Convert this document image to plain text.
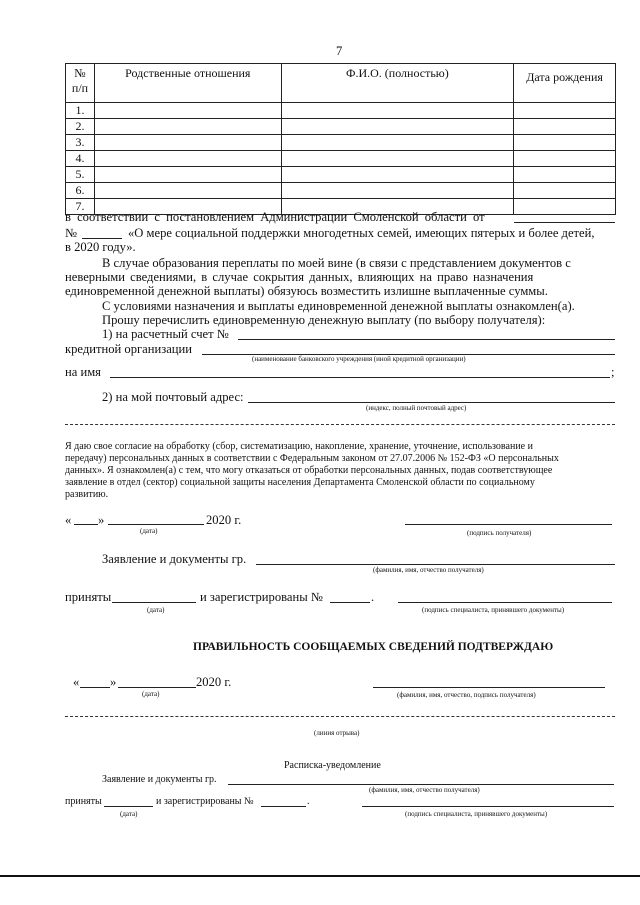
7
№ п/п	Родственные отношения	Ф.И.О. (полностью)	Дата рождения
1.			
2.			
3.			
4.			
5.			
6.			
7.			
в соответствии с постановлением Администрации Смоленской области от
№	«О мере социальной поддержки многодетных семей, имеющих пятерых и более детей,
в 2020 году».
В случае образования переплаты по моей вине (в связи с представлением документов с
неверными сведениями, в случае сокрытия данных, влияющих на право назначения
единовременной денежной выплаты) обязуюсь возместить излишне выплаченные суммы.
С условиями назначения и выплаты единовременной денежной выплаты ознакомлен(а).
Прошу перечислить единовременную денежную выплату (по выбору получателя):
1) на расчетный счет №
кредитной организации
(наименование банковского учреждения (иной кредитной организации)
на имя	;
2) на мой почтовый адрес:
(индекс, полный почтовый адрес)
Я даю свое согласие на обработку (сбор, систематизацию, накопление, хранение, уточнение, использование и
передачу) персональных данных в соответствии с Федеральным законом от 27.07.2006 № 152-ФЗ «О персональных
данных». Я ознакомлен(а) с тем, что могу отказаться от обработки персональных данных, подав соответствующее
заявление в отдел (сектор) социальной защиты населения Департамента Смоленской области по социальному
развитию.
« »	2020 г.
(дата)	(подпись получателя)
Заявление и документы гр.
(фамилия, имя, отчество получателя)
приняты	и зарегистрированы №	.
(дата)	(подпись специалиста, принявшего документы)
ПРАВИЛЬНОСТЬ СООБЩАЕМЫХ СВЕДЕНИЙ ПОДТВЕРЖДАЮ
« »	2020 г.
(дата)	(фамилия, имя, отчество, подпись получателя)
(линия отрыва)
Расписка-уведомление
Заявление и документы гр.
(фамилия, имя, отчество получателя)
приняты	и зарегистрированы №	.
(дата)	(подпись специалиста, принявшего документы)
